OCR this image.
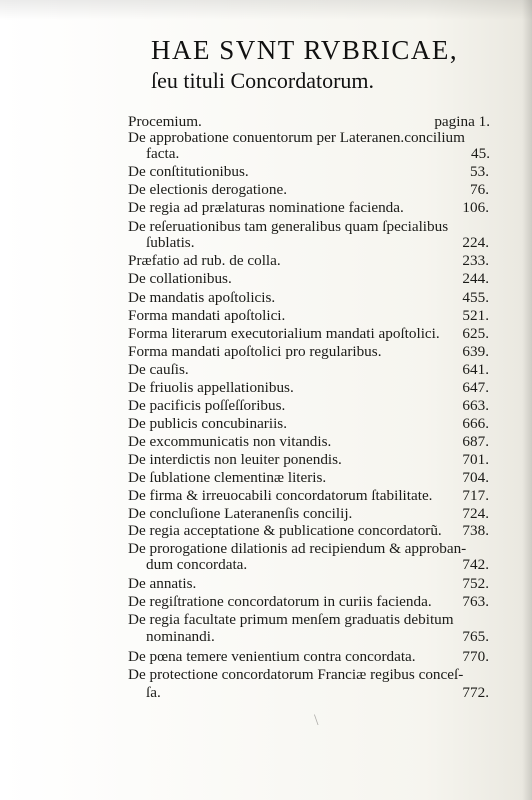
HAE SVNT RVBRICAE,
ſeu tituli Concordatorum.
Procemium.	pagina 1.
De approbatione conuentorum per Lateranen.concilium
facta.	45.
De conſtitutionibus.	53.
De electionis derogatione.	76.
De regia ad prælaturas nominatione facienda.	106.
De reſeruationibus tam generalibus quam ſpecialibus
ſublatis.	224.
Præfatio ad rub. de colla.	233.
De collationibus.	244.
De mandatis apoſtolicis.	455.
Forma mandati apoſtolici.	521.
Forma literarum executorialium mandati apoſtolici. 625.
Forma mandati apoſtolici pro regularibus.	639.
De cauſis.	641.
De friuolis appellationibus.	647.
De pacificis poſſeſſoribus.	663.
De publicis concubinariis.	666.
De excommunicatis non vitandis.	687.
De interdictis non leuiter ponendis.	701.
De ſublatione clementinæ literis.	704.
De firma & irreuocabili concordatorum ſtabilitate. 717.
De concluſione Lateranenſis concilij.	724.
De regia acceptatione & publicatione concordatorũ. 738.
De prorogatione dilationis ad recipiendum & approban-
dum concordata.	742.
De annatis.	752.
De regiſtratione concordatorum in curiis facienda. 763.
De regia facultate primum menſem graduatis debitum
nominandi.	765.
De pœna temere venientium contra concordata.	770.
De protectione concordatorum Franciæ regibus conceſ-
ſa.	772.
\
